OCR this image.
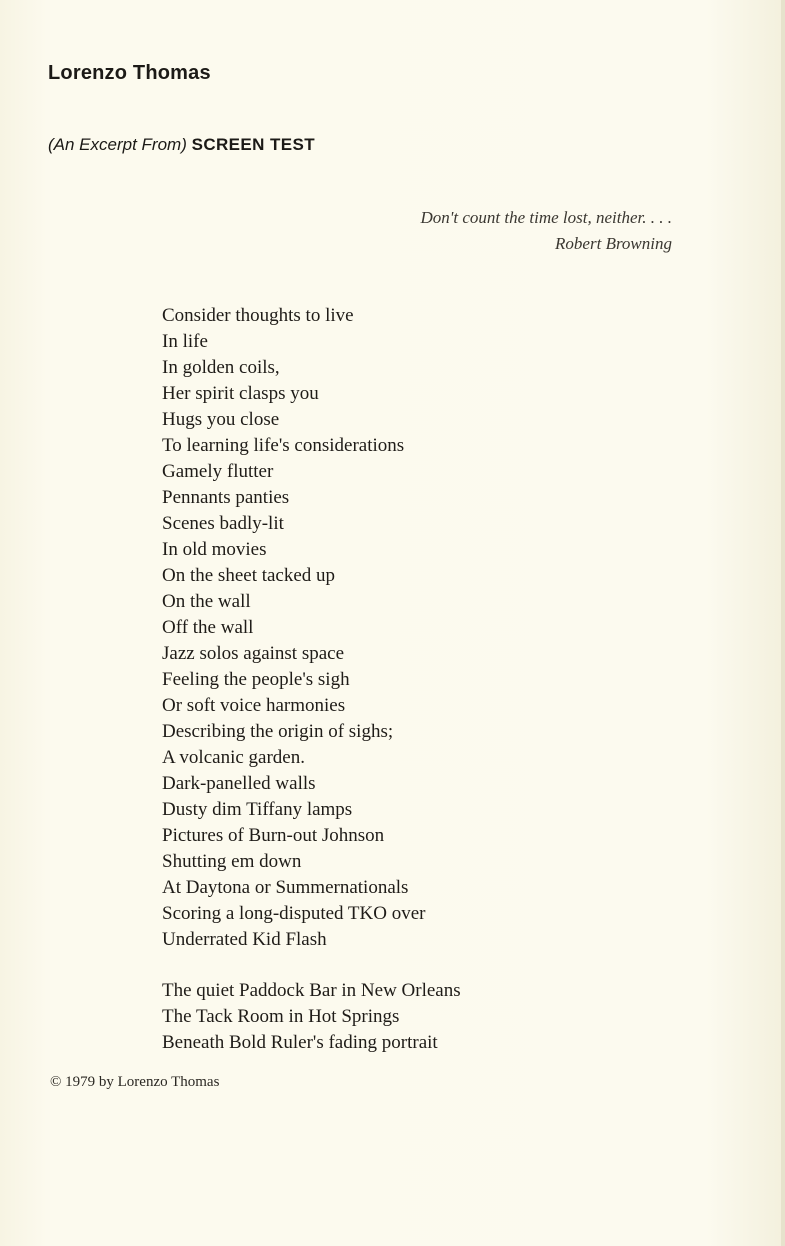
Lorenzo Thomas

(An Excerpt From) SCREEN TEST

Don't count the time lost, neither. . . .
Robert Browning
Consider thoughts to live
In life
In golden coils,
Her spirit clasps you
Hugs you close
To learning life's considerations
Gamely flutter
Pennants panties
Scenes badly-lit
In old movies
On the sheet tacked up
On the wall
Off the wall
Jazz solos against space
Feeling the people's sigh
Or soft voice harmonies
Describing the origin of sighs;
A volcanic garden.
Dark-panelled walls
Dusty dim Tiffany lamps
Pictures of Burn-out Johnson
Shutting em down
At Daytona or Summernationals
Scoring a long-disputed TKO over
Underrated Kid Flash
The quiet Paddock Bar in New Orleans
The Tack Room in Hot Springs
Beneath Bold Ruler's fading portrait
© 1979 by Lorenzo Thomas
